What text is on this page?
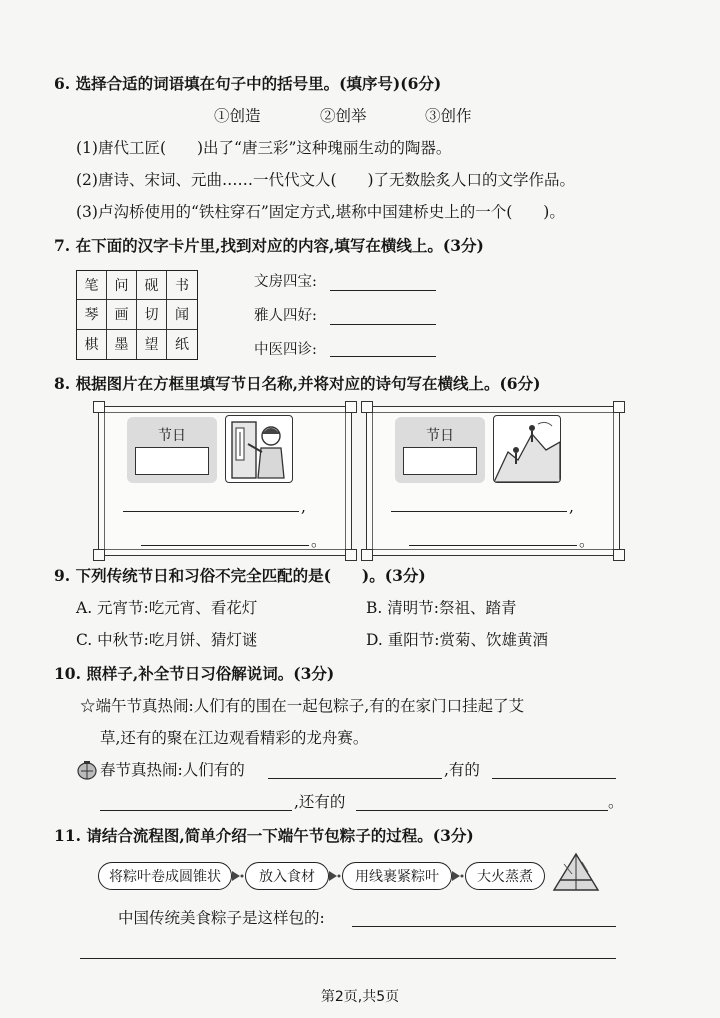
6. 选择合适的词语填在句子中的括号里。(填序号)(6分)
①创造	②创举	③创作
(1)唐代工匠(　　)出了“唐三彩”这种瑰丽生动的陶器。
(2)唐诗、宋词、元曲……一代代文人(　　)了无数脍炙人口的文学作品。
(3)卢沟桥使用的“铁柱穿石”固定方式,堪称中国建桥史上的一个(　　)。
7. 在下面的汉字卡片里,找到对应的内容,填写在横线上。(3分)
笔	问	砚	书
琴	画	切	闻
棋	墨	望	纸
文房四宝:
雅人四好:
中医四诊:
8. 根据图片在方框里填写节日名称,并将对应的诗句写在横线上。(6分)
节日
,
。
节日
,
。
9. 下列传统节日和习俗不完全匹配的是(　　)。(3分)
A. 元宵节:吃元宵、看花灯	B. 清明节:祭祖、踏青
C. 中秋节:吃月饼、猜灯谜	D. 重阳节:赏菊、饮雄黄酒
10. 照样子,补全节日习俗解说词。(3分)
☆端午节真热闹:人们有的围在一起包粽子,有的在家门口挂起了艾
草,还有的聚在江边观看精彩的龙舟赛。
春节真热闹:人们有的	,有的
,还有的	。
11. 请结合流程图,简单介绍一下端午节包粽子的过程。(3分)
将粽叶卷成圆锥状	放入食材	用线裹紧粽叶	大火蒸煮
中国传统美食粽子是这样包的:
第2页,共5页
